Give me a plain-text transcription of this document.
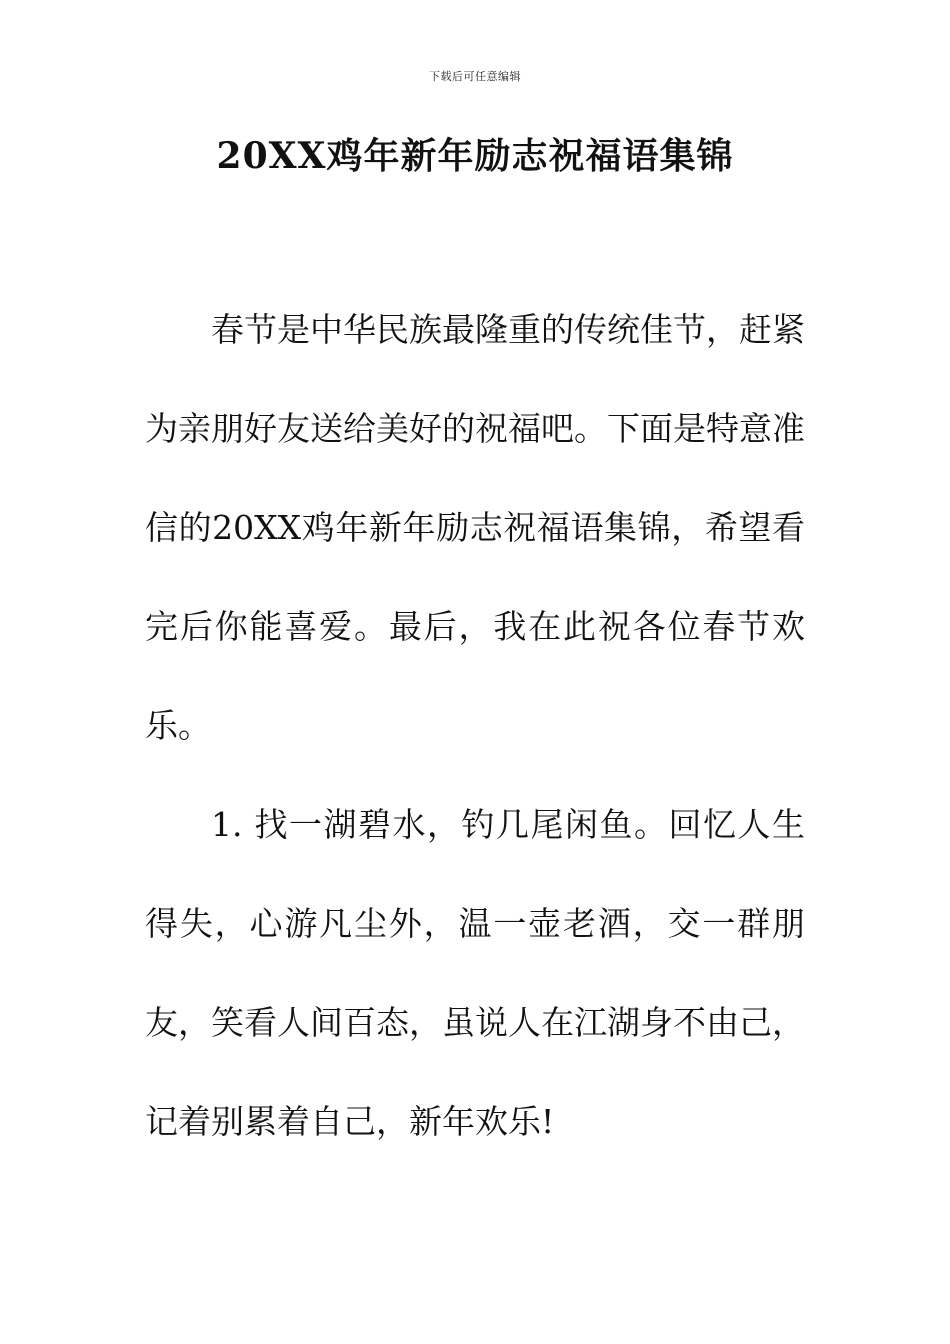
下载后可任意编辑
20XX鸡年新年励志祝福语集锦

春节是中华民族最隆重的传统佳节，赶紧为亲朋好友送给美好的祝福吧。下面是特意准信的20XX鸡年新年励志祝福语集锦，希望看完后你能喜爱。最后，我在此祝各位春节欢乐。

1. 找一湖碧水，钓几尾闲鱼。回忆人生得失，心游凡尘外，温一壶老酒，交一群朋友，笑看人间百态，虽说人在江湖身不由己，记着别累着自己，新年欢乐!
